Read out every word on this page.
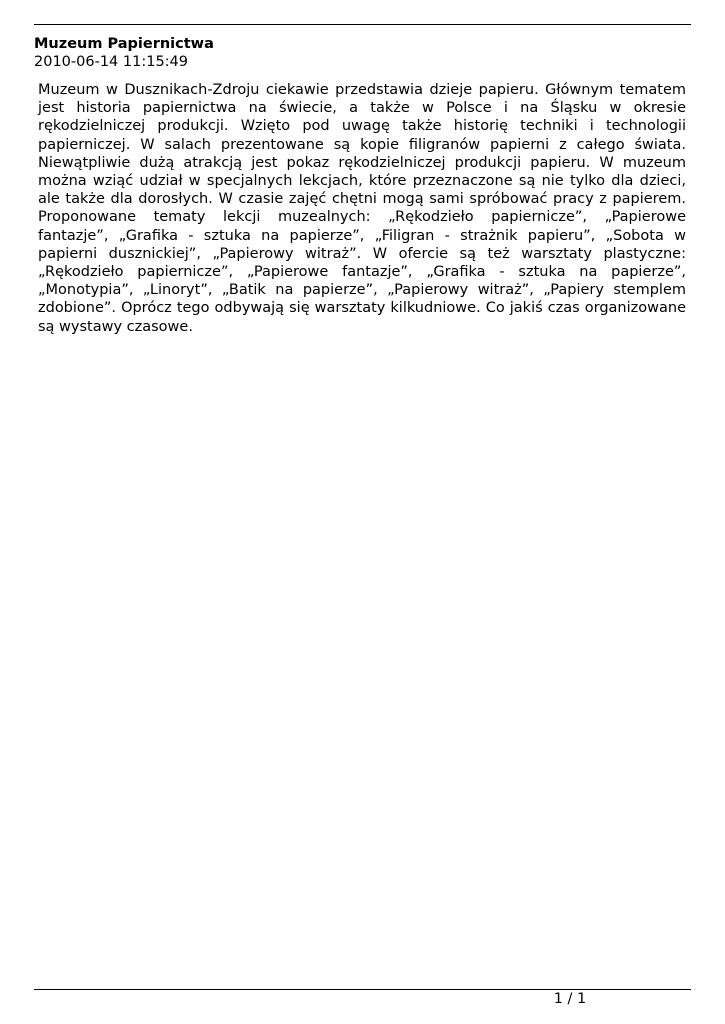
Muzeum Papiernictwa
2010-06-14 11:15:49
Muzeum w Dusznikach-Zdroju ciekawie przedstawia dzieje papieru. Głównym tematem
jest historia papiernictwa na świecie, a także w Polsce i na Śląsku w okresie
rękodzielniczej produkcji. Wzięto pod uwagę także historię techniki i technologii
papierniczej. W salach prezentowane są kopie filigranów papierni z całego świata.
Niewątpliwie dużą atrakcją jest pokaz rękodzielniczej produkcji papieru. W muzeum
można wziąć udział w specjalnych lekcjach, które przeznaczone są nie tylko dla dzieci,
ale także dla dorosłych. W czasie zajęć chętni mogą sami spróbować pracy z papierem.
Proponowane tematy lekcji muzealnych: „Rękodzieło papiernicze”, „Papierowe
fantazje”, „Grafika - sztuka na papierze”, „Filigran - strażnik papieru”, „Sobota w
papierni dusznickiej”, „Papierowy witraż”. W ofercie są też warsztaty plastyczne:
„Rękodzieło papiernicze”, „Papierowe fantazje”, „Grafika - sztuka na papierze”,
„Monotypia”, „Linoryt”, „Batik na papierze”, „Papierowy witraż”, „Papiery stemplem
zdobione”. Oprócz tego odbywają się warsztaty kilkudniowe. Co jakiś czas organizowane
są wystawy czasowe.
1 / 1
